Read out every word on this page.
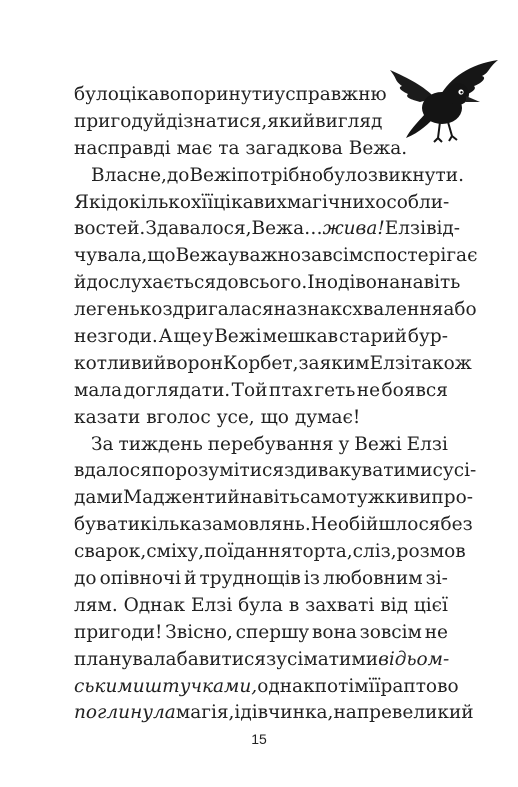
було цікаво поринути у справжню
пригоду й дізнатися, який вигляд
насправді має та загадкова Вежа.
Власне, до Вежі потрібно було звикнути.
Як і до кількох її цікавих магічних особли-
востей. Здавалося, Вежа… жива! Елзі від-
чувала, що Вежа уважно за всім спостерігає
й дослухається до всього. Іноді вона навіть
легенько здригалася на знак схвалення або
незгоди. А ще у Вежі мешкав старий бур-
котливий ворон Корбет, за яким Елзі також
мала доглядати. Той птах геть не боявся
казати вголос усе, що думає!
За тиждень перебування у Вежі Елзі
вдалося порозумітися з дивакуватими сусі-
дами Мадженти й навіть самотужки випро-
бувати кілька замовлянь. Не обійшлося без
сварок, сміху, поїдання торта, сліз, розмов
до опівночі й труднощів із любовним зі-
лям. Однак Елзі була в захваті від цієї
пригоди! Звісно, спершу вона зовсім не
планувала бавитися з усіма тими відьом-
ськими штучками, однак потім її раптово
поглинула магія, і дівчинка, на превеликий
15
